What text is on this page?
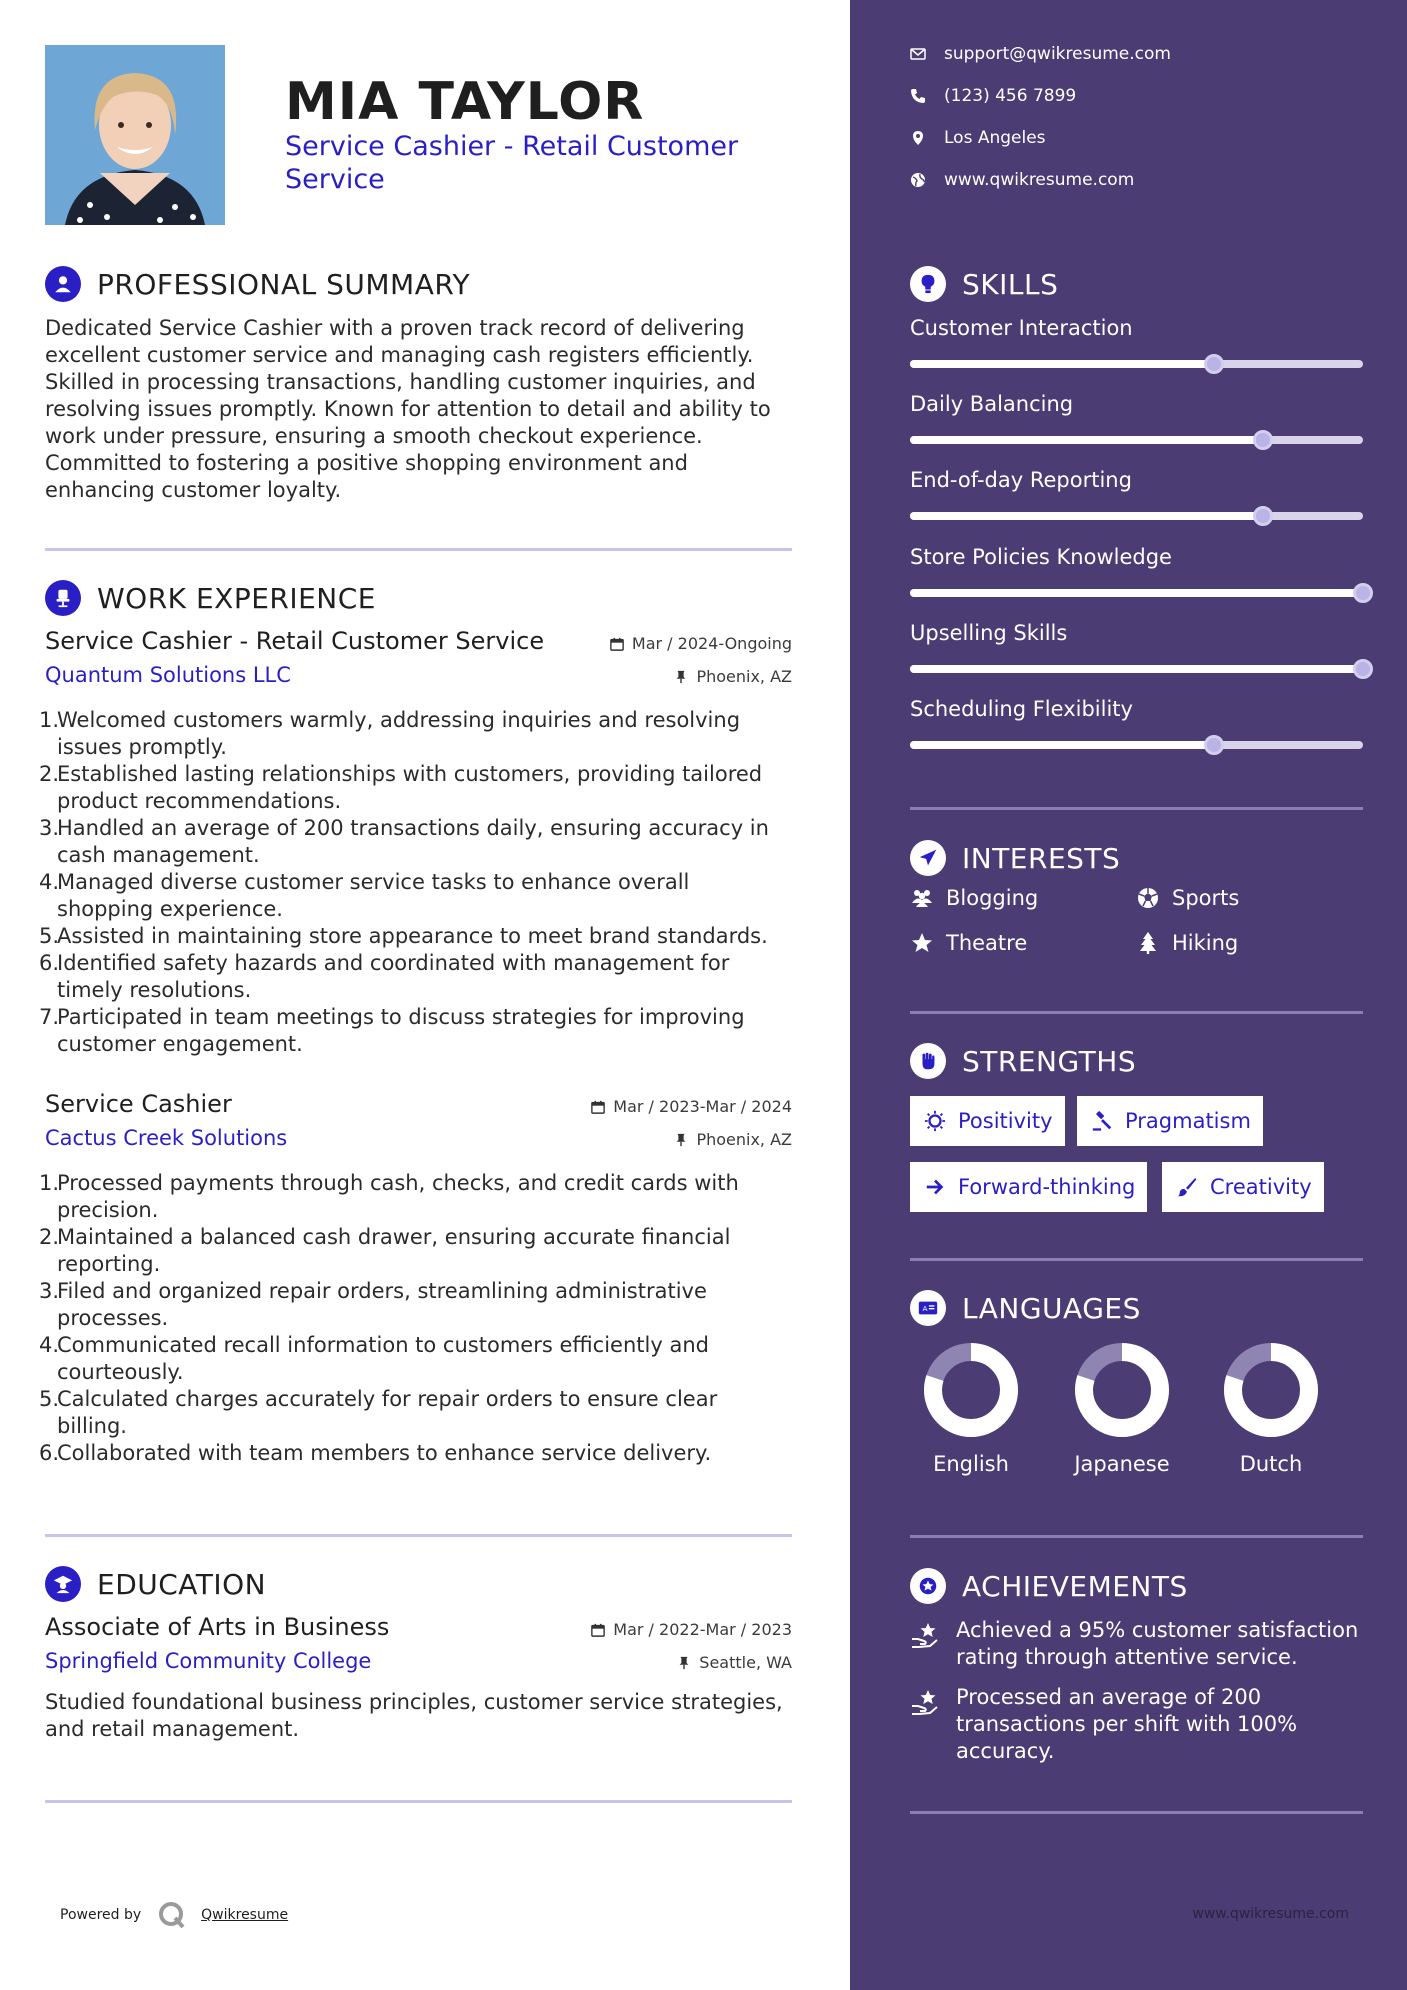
MIA TAYLOR
Service Cashier - Retail Customer Service
PROFESSIONAL SUMMARY
Dedicated Service Cashier with a proven track record of delivering excellent customer service and managing cash registers efficiently. Skilled in processing transactions, handling customer inquiries, and resolving issues promptly. Known for attention to detail and ability to work under pressure, ensuring a smooth checkout experience. Committed to fostering a positive shopping environment and enhancing customer loyalty.
WORK EXPERIENCE
Service Cashier - Retail Customer Service
Quantum Solutions LLC
Mar / 2024-Ongoing
Phoenix, AZ
1.
Welcomed customers warmly, addressing inquiries and resolving issues promptly.
2.
Established lasting relationships with customers, providing tailored product recommendations.
3.
Handled an average of 200 transactions daily, ensuring accuracy in cash management.
4.
Managed diverse customer service tasks to enhance overall shopping experience.
5.
Assisted in maintaining store appearance to meet brand standards.
6.
Identified safety hazards and coordinated with management for timely resolutions.
7.
Participated in team meetings to discuss strategies for improving customer engagement.
Service Cashier
Cactus Creek Solutions
Mar / 2023-Mar / 2024
Phoenix, AZ
1.
Processed payments through cash, checks, and credit cards with precision.
2.
Maintained a balanced cash drawer, ensuring accurate financial reporting.
3.
Filed and organized repair orders, streamlining administrative processes.
4.
Communicated recall information to customers efficiently and courteously.
5.
Calculated charges accurately for repair orders to ensure clear billing.
6.
Collaborated with team members to enhance service delivery.
EDUCATION
Associate of Arts in Business
Springfield Community College
Mar / 2022-Mar / 2023
Seattle, WA
Studied foundational business principles, customer service strategies, and retail management.
Powered by	Qwikresume
support@qwikresume.com
(123) 456 7899
Los Angeles
www.qwikresume.com
SKILLS
Customer Interaction
Daily Balancing
End-of-day Reporting
Store Policies Knowledge
Upselling Skills
Scheduling Flexibility
INTERESTS
Blogging	Sports
Theatre	Hiking
STRENGTHS
Positivity	Pragmatism
Forward-thinking	Creativity
A LANGUAGES
English	Japanese	Dutch
ACHIEVEMENTS
Achieved a 95% customer satisfaction rating through attentive service.
Processed an average of 200 transactions per shift with 100% accuracy.
www.qwikresume.com
